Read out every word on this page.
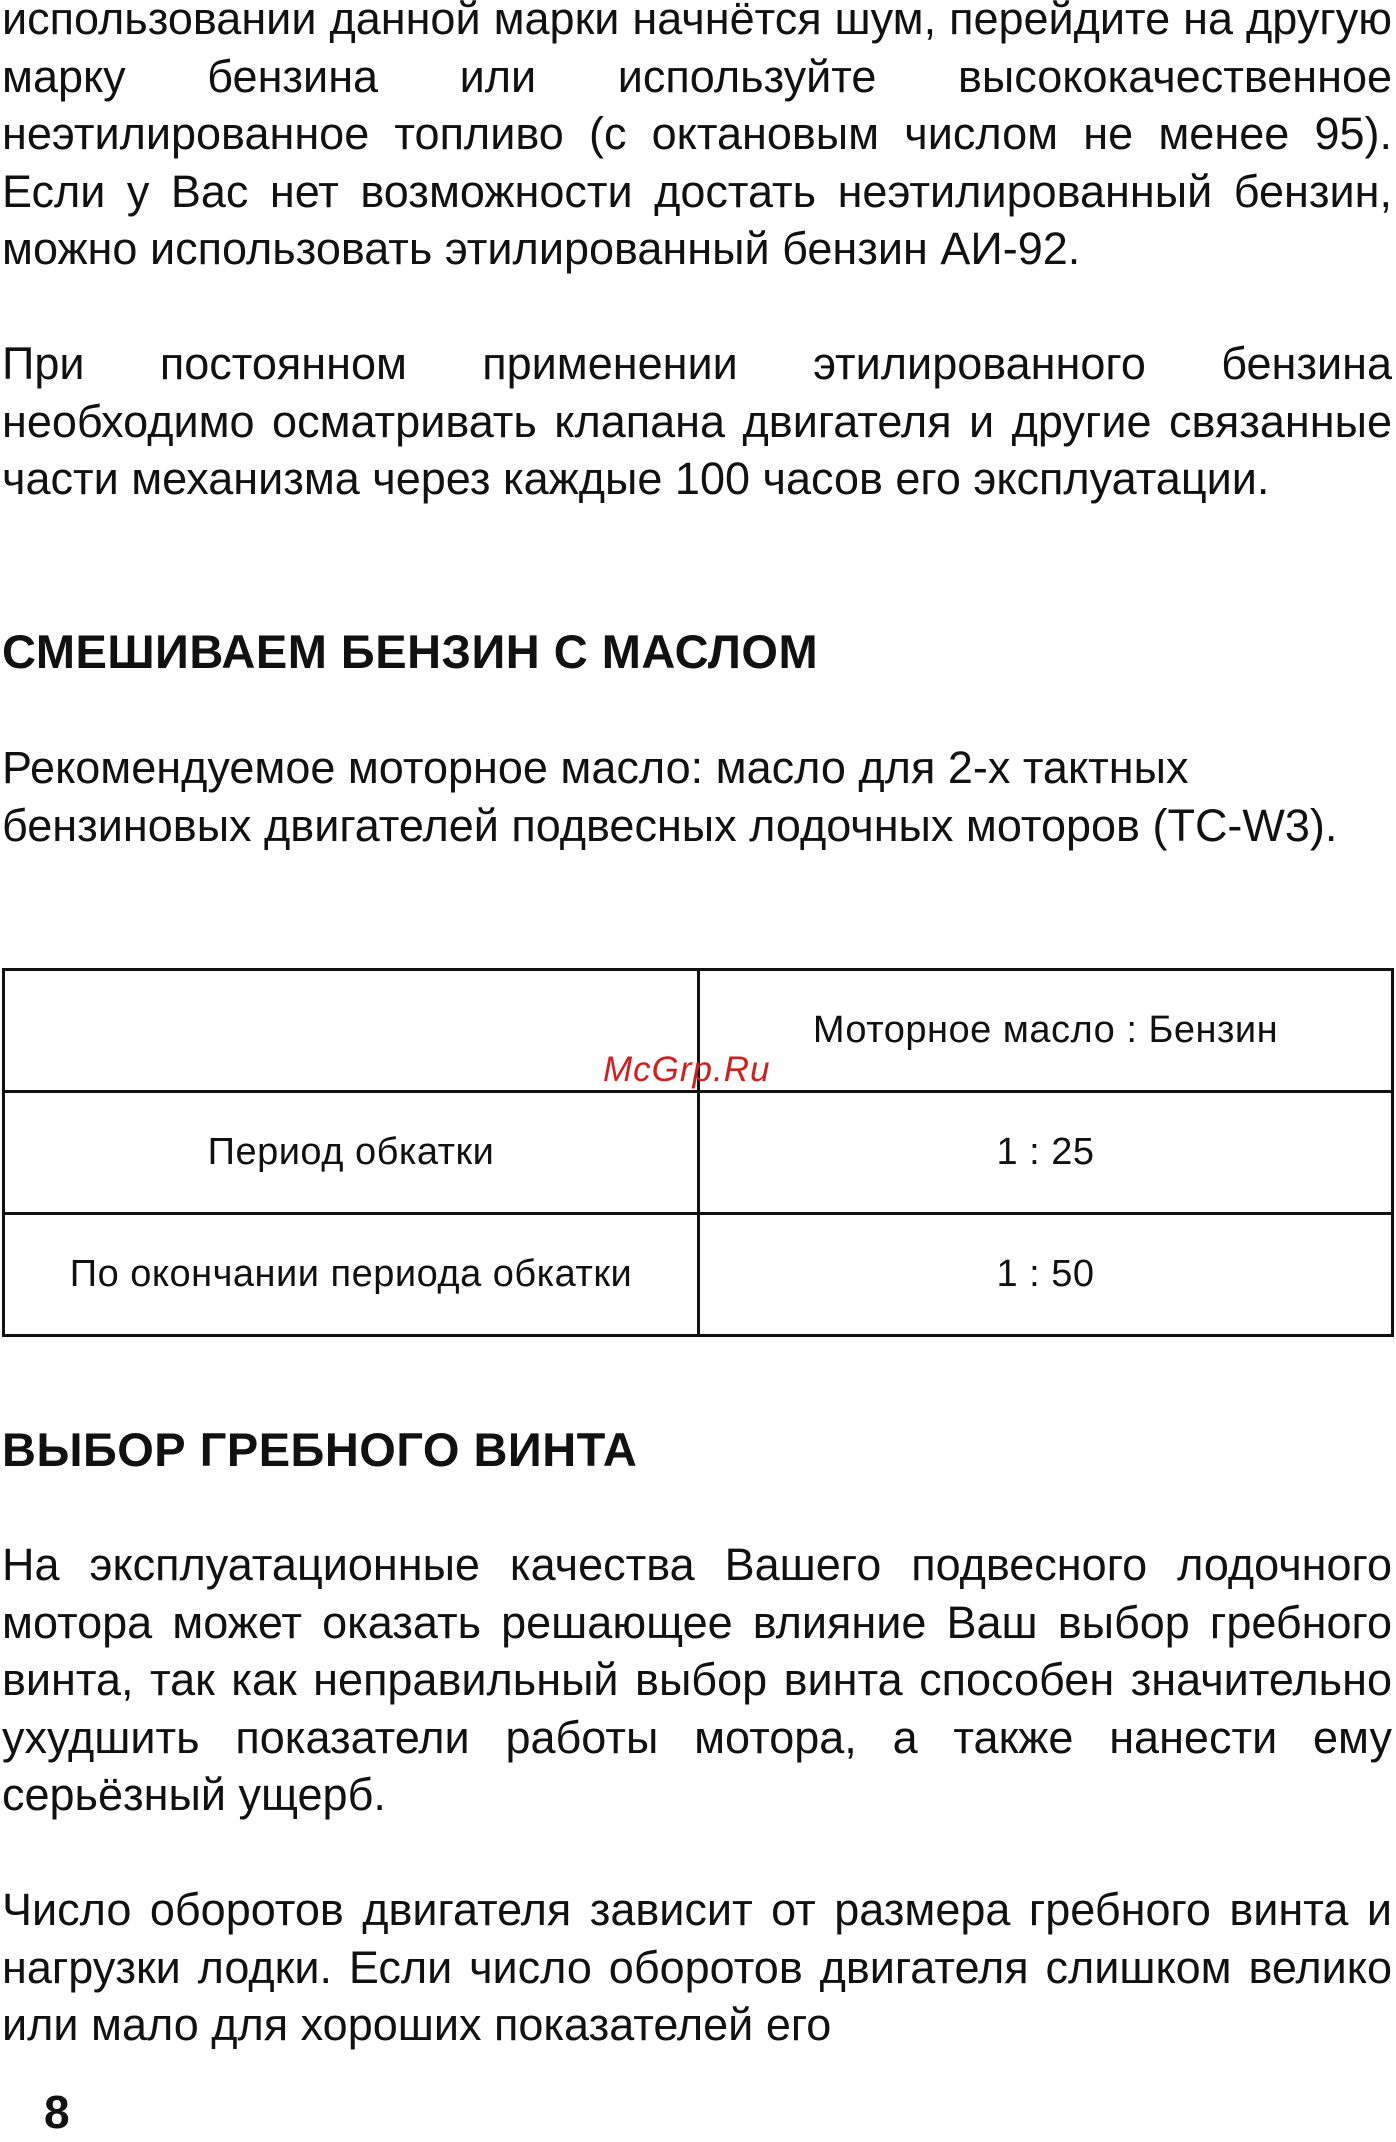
использовании данной марки начнётся шум, перейдите на другую марку бензина или используйте высококачественное неэтилированное топливо (с октановым числом не менее 95). Если у Вас нет возможности достать неэтилированный бензин, можно использовать этилированный бензин АИ-92.

При постоянном применении этилированного бензина необходимо осматривать клапана двигателя и другие связанные части механизма через каждые 100 часов его эксплуатации.

СМЕШИВАЕМ БЕНЗИН С МАСЛОМ

Рекомендуемое моторное масло: масло для 2-х тактных бензиновых двигателей подвесных лодочных моторов (TC-W3).

	Моторное масло : Бензин
Период обкатки	1 : 25
По окончании периода обкатки	1 : 50
McGrp.Ru
ВЫБОР ГРЕБНОГО ВИНТА

На эксплуатационные качества Вашего подвесного лодочного мотора может оказать решающее влияние Ваш выбор гребного винта, так как неправильный выбор винта способен значительно ухудшить показатели работы мотора, а также нанести ему серьёзный ущерб.

Число оборотов двигателя зависит от размера гребного винта и нагрузки лодки. Если число оборотов двигателя слишком велико или мало для хороших показателей его

8
